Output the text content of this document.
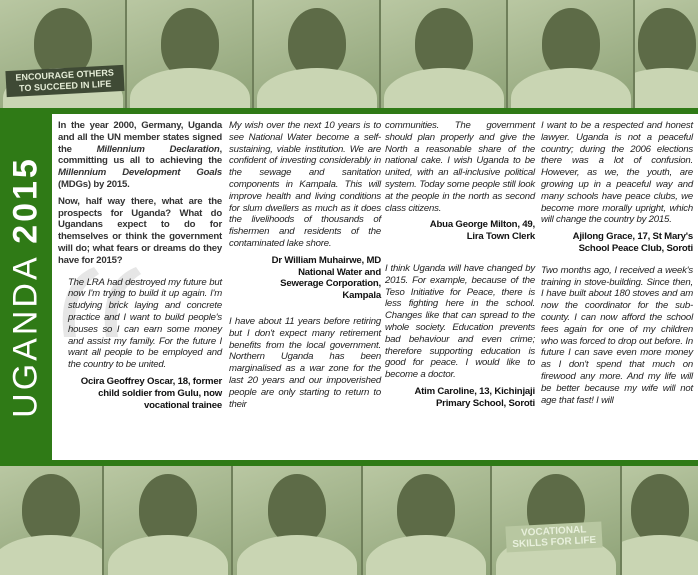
ENCOURAGE OTHERS TO SUCCEED IN LIFE
UGANDA 2015

In the year 2000, Germany, Uganda and all the UN member states signed the Millennium Declaration, committing us all to achieving the Millennium Development Goals (MDGs) by 2015.

Now, half way there, what are the prospects for Uganda? What do Ugandans expect to do for themselves or think the government will do; what fears or dreams do they have for 2015?

The LRA had destroyed my future but now I'm trying to build it up again. I'm studying brick laying and concrete practice and I want to build people's houses so I can earn some money and assist my family. For the future I want all people to be employed and the country to be united.

Ocira Geoffrey Oscar, 18, former child soldier from Gulu, now vocational trainee

My wish over the next 10 years is to see National Water become a self-sustaining, viable institution. We are confident of investing considerably in the sewage and sanitation components in Kampala. This will improve health and living conditions for slum dwellers as much as it does the livelihoods of thousands of fishermen and residents of the contaminated lake shore.

Dr William Muhairwe, MD National Water and Sewerage Corporation, Kampala

I have about 11 years before retiring but I don't expect many retirement benefits from the local government. Northern Uganda has been marginalised as a war zone for the last 20 years and our impoverished people are only starting to return to their

communities. The government should plan properly and give the North a reasonable share of the national cake. I wish Uganda to be united, with an all-inclusive political system. Today some people still look at the people in the north as second class citizens.

Abua George Milton, 49, Lira Town Clerk

I think Uganda will have changed by 2015. For example, because of the Teso Initiative for Peace, there is less fighting here in the school. Changes like that can spread to the whole society. Education prevents bad behaviour and even crime; therefore supporting education is good for peace. I would like to become a doctor.

Atim Caroline, 13, Kichinjaji Primary School, Soroti

I want to be a respected and honest lawyer. Uganda is not a peaceful country; during the 2006 elections there was a lot of confusion. However, as we, the youth, are growing up in a peaceful way and many schools have peace clubs, we become more morally upright, which will change the country by 2015.

Ajilong Grace, 17, St Mary's School Peace Club, Soroti

Two months ago, I received a week's training in stove-building. Since then, I have built about 180 stoves and am now the coordinator for the sub-county. I can now afford the school fees again for one of my children who was forced to drop out before. In future I can save even more money as I don't spend that much on firewood any more. And my life will be better because my wife will not age that fast! I will

VOCATIONAL SKILLS FOR LIFE
